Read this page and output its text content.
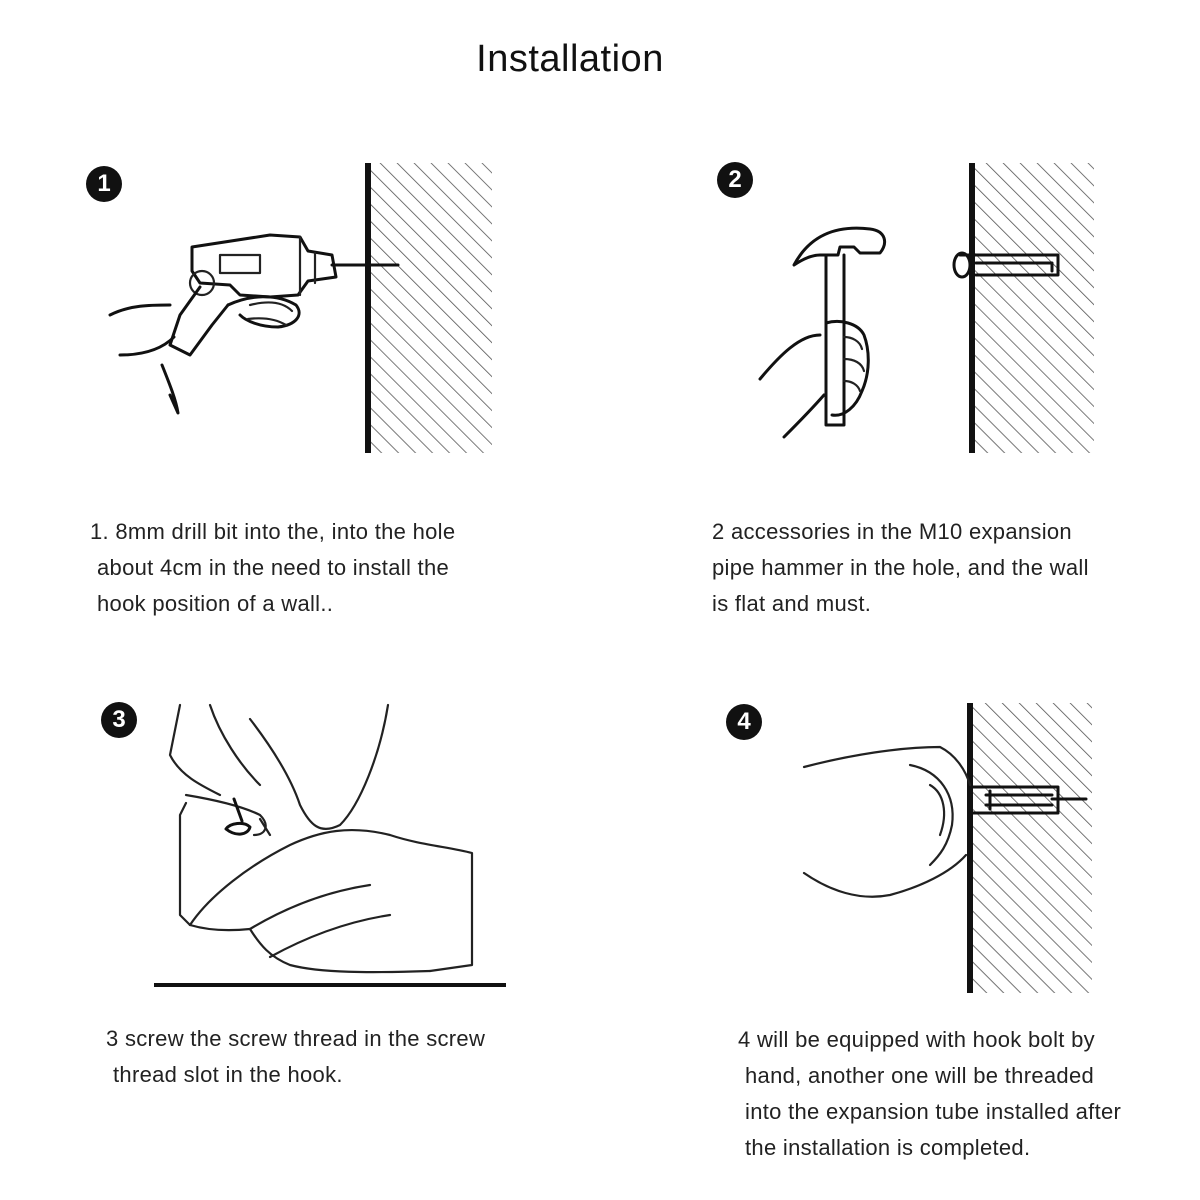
Installation
1
1. 8mm drill bit into the, into the hole
about 4cm in the need to install the
hook position of a wall..
2
2 accessories in the M10 expansion
pipe hammer in the hole, and the wall
is flat and must.
3
3 screw the screw thread in the screw
thread slot in the hook.
4
4 will be equipped with hook bolt by
hand, another one will be threaded
into the expansion tube installed after
the installation is completed.
